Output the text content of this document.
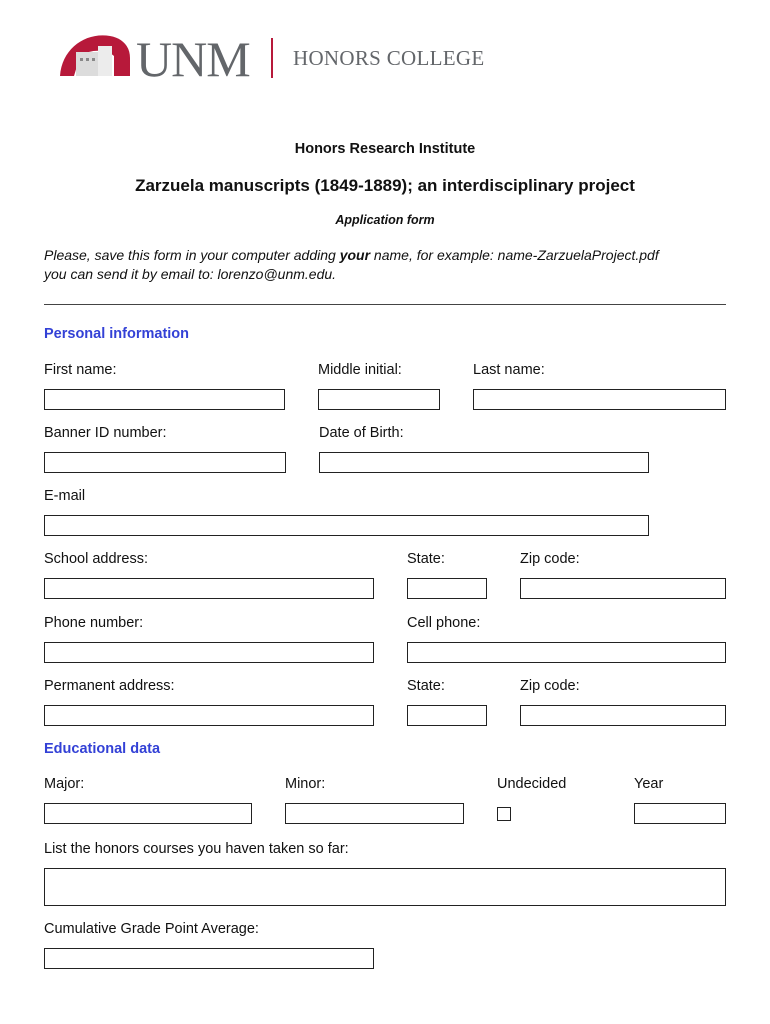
UNM HONORS COLLEGE
Honors Research Institute
Zarzuela manuscripts (1849-1889); an interdisciplinary project
Application form
Please, save this form in your computer adding your name, for example: name-ZarzuelaProject.pdf
you can send it by email to: lorenzo@unm.edu.
Personal information
First name:	Middle initial:	Last name:
Banner ID number:	Date of Birth:
E-mail
School address:	State:	Zip code:
Phone number:	Cell phone:
Permanent address:	State:	Zip code:
Educational data
Major:	Minor:	Undecided	Year
List the honors courses you haven taken so far:
Cumulative Grade Point Average:
